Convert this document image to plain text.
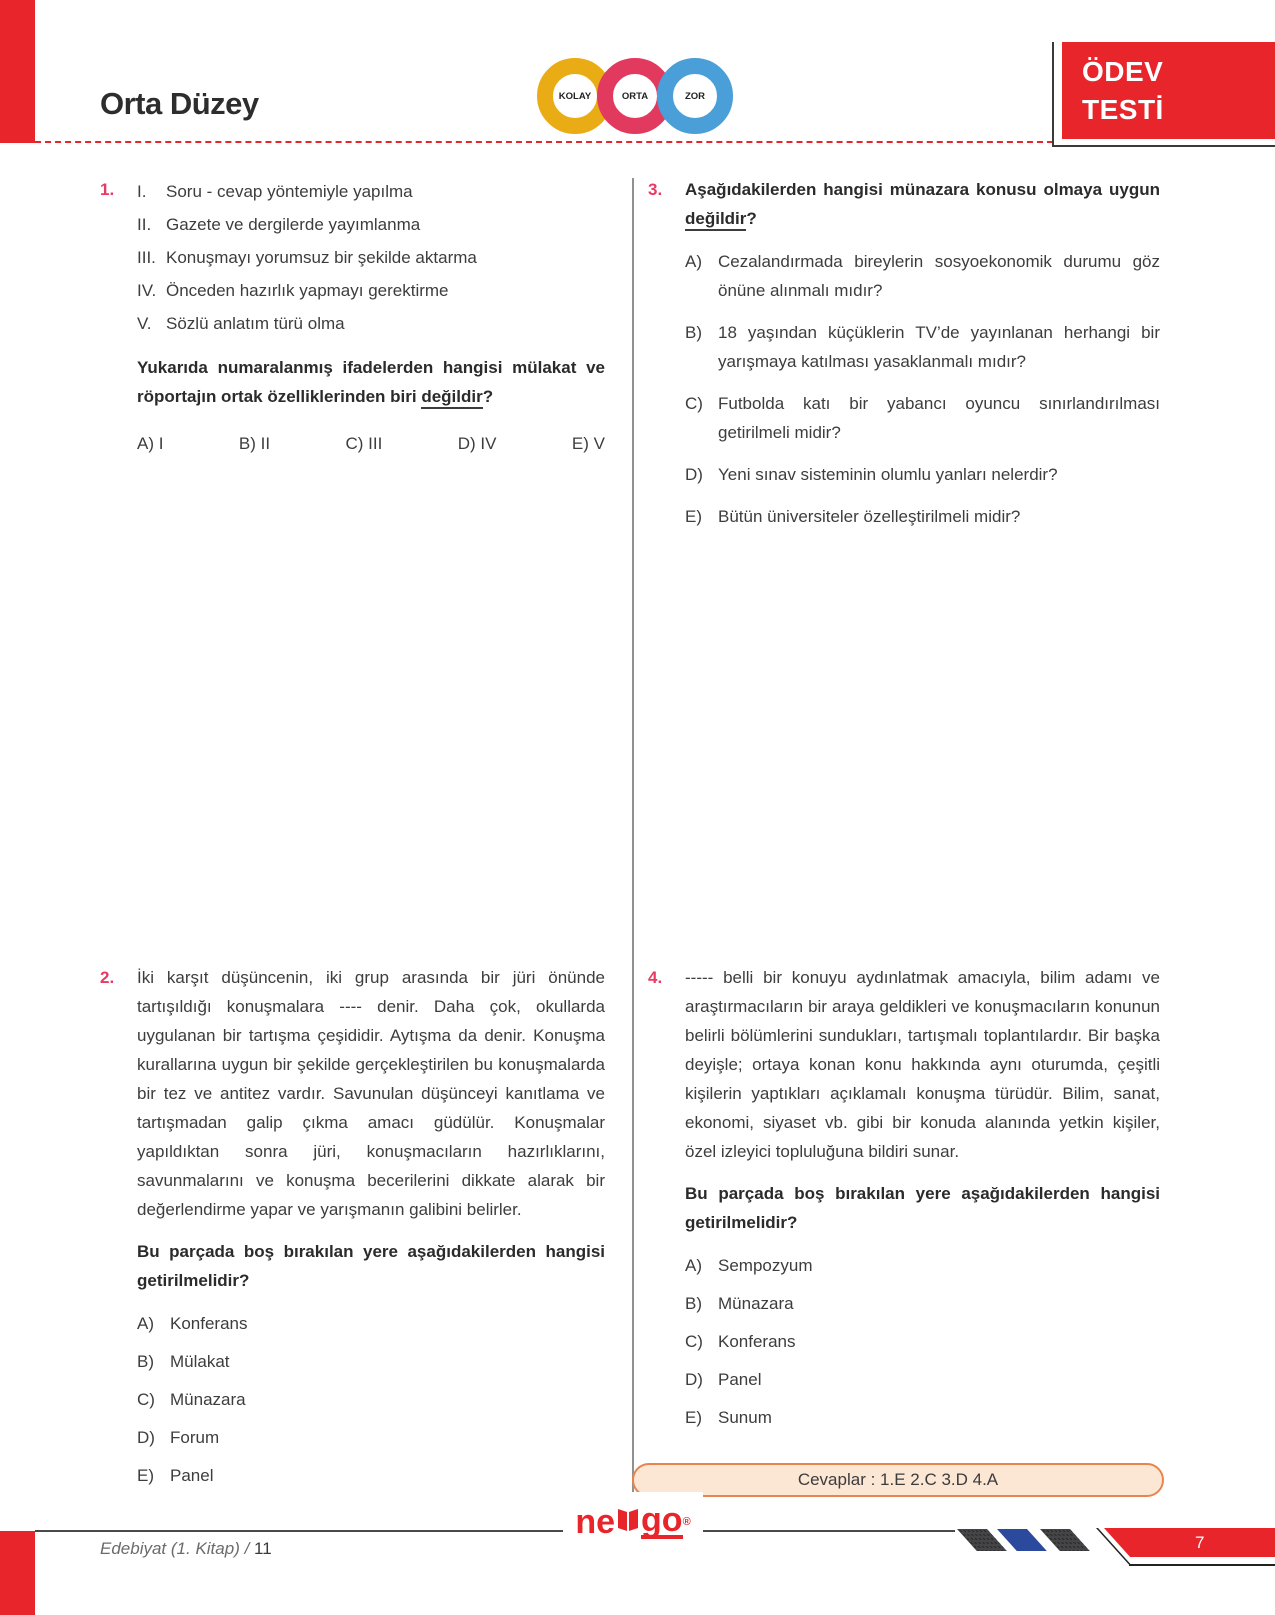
Orta Düzey	KOLAY	ORTA	ZOR
ÖDEV
TESTİ
1. I.	Soru - cevap yöntemiyle yapılma
II. Gazete ve dergilerde yayımlanma
III. Konuşmayı yorumsuz bir şekilde aktarma
IV. Önceden hazırlık yapmayı gerektirme
V. Sözlü anlatım türü olma

Yukarıda numaralanmış ifadelerden hangisi mülakat ve röportajın ortak özelliklerinden biri değildir?

A) I	B) II	C) III	D) IV	E) V
2. İki karşıt düşüncenin, iki grup arasında bir jüri önünde tartışıldığı konuşmalara ---- denir. Daha çok, okullarda uygulanan bir tartışma çeşididir. Aytışma da denir. Konuşma kurallarına uygun bir şekilde gerçekleştirilen bu konuşmalarda bir tez ve antitez vardır. Savunulan düşünceyi kanıtlama ve tartışmadan galip çıkma amacı güdülür. Konuşmalar yapıldıktan sonra jüri, konuşmacıların hazırlıklarını, savunmalarını ve konuşma becerilerini dikkate alarak bir değerlendirme yapar ve yarışmanın galibini belirler.

Bu parçada boş bırakılan yere aşağıdakilerden hangisi getirilmelidir?

A) Konferans
B) Mülakat
C) Münazara
D) Forum
E) Panel
3. Aşağıdakilerden hangisi münazara konusu olmaya uygun değildir?

A) Cezalandırmada bireylerin sosyoekonomik durumu göz önüne alınmalı mıdır?
B) 18 yaşından küçüklerin TV’de yayınlanan herhangi bir yarışmaya katılması yasaklanmalı mıdır?
C) Futbolda katı bir yabancı oyuncu sınırlandırılması getirilmeli midir?
D) Yeni sınav sisteminin olumlu yanları nelerdir?
E) Bütün üniversiteler özelleştirilmeli midir?
4. ----- belli bir konuyu aydınlatmak amacıyla, bilim adamı ve araştırmacıların bir araya geldikleri ve konuşmacıların konunun belirli bölümlerini sundukları, tartışmalı toplantılardır. Bir başka deyişle; ortaya konan konu hakkında aynı oturumda, çeşitli kişilerin yaptıkları açıklamalı konuşma türüdür. Bilim, sanat, ekonomi, siyaset vb. gibi bir konuda alanında yetkin kişiler, özel izleyici topluluğuna bildiri sunar.

Bu parçada boş bırakılan yere aşağıdakilerden hangisi getirilmelidir?

A) Sempozyum
B) Münazara
C) Konferans
D) Panel
E) Sunum
Cevaplar : 1.E 2.C 3.D 4.A
Edebiyat (1. Kitap) / 11
ne go ®
7
